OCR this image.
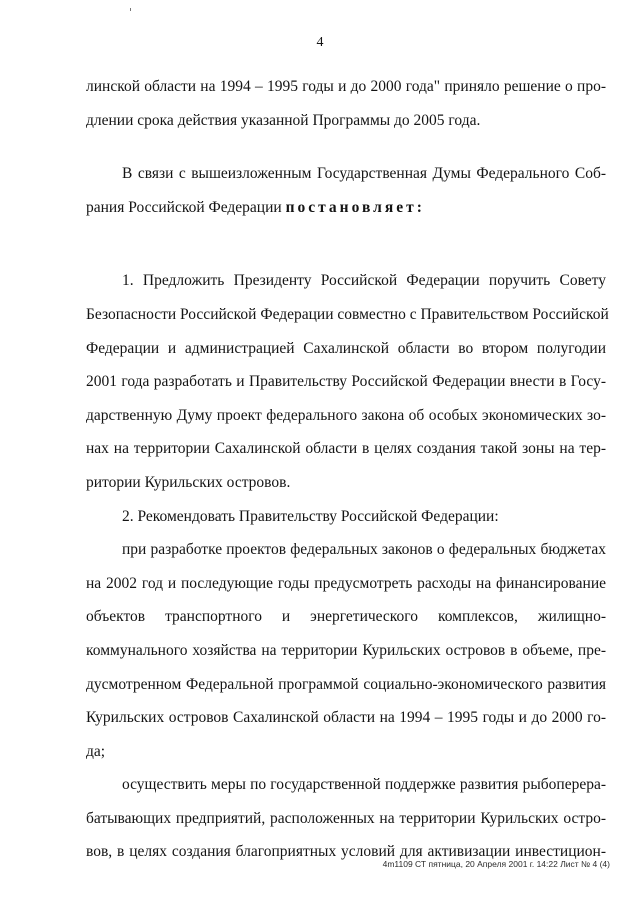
4
линской области на 1994 – 1995 годы и до 2000 года" приняло решение о про-
длении срока действия указанной Программы до 2005 года.
В связи с вышеизложенным Государственная Думы Федерального Соб-
рания Российской Федерации постановляет:
1. Предложить Президенту Российской Федерации поручить Совету
Безопасности Российской Федерации совместно с Правительством Российской
Федерации и администрацией Сахалинской области во втором полугодии
2001 года разработать и Правительству Российской Федерации внести в Госу-
дарственную Думу проект федерального закона об особых экономических зо-
нах на территории Сахалинской области в целях создания такой зоны на тер-
ритории Курильских островов.
2. Рекомендовать Правительству Российской Федерации:
при разработке проектов федеральных законов о федеральных бюджетах
на 2002 год и последующие годы предусмотреть расходы на финансирование
объектов транспортного и энергетического комплексов, жилищно-
коммунального хозяйства на территории Курильских островов в объеме, пре-
дусмотренном Федеральной программой социально-экономического развития
Курильских островов Сахалинской области на 1994 – 1995 годы и до 2000 го-
да;
осуществить меры по государственной поддержке развития рыбоперера-
батывающих предприятий, расположенных на территории Курильских остро-
вов, в целях создания благоприятных условий для активизации инвестицион-
4m1109 СТ пятница, 20 Апреля 2001 г. 14:22 Лист № 4 (4)
